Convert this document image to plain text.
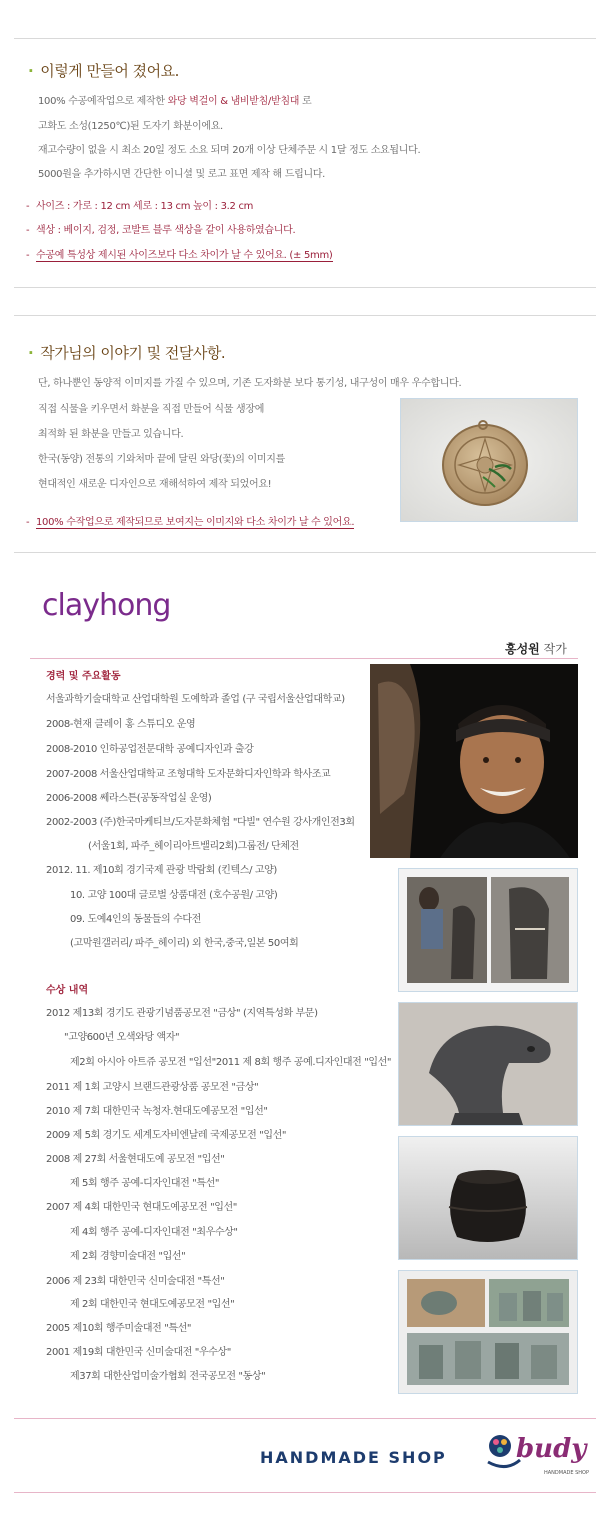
· 이렇게 만들어 졌어요.
100% 수공예작업으로 제작한 와당 벽걸이 & 냄비받침/받침대 로
고화도 소성(1250℃)된 도자기 화분이에요.
재고수량이 없을 시 최소 20일 정도 소요 되며 20개 이상 단체주문 시 1달 정도 소요됩니다.
5000원을 추가하시면 간단한 이니셜 및 로고 표면 제작 해 드립니다.
- 사이즈 : 가로 : 12 cm 세로 : 13 cm 높이 : 3.2 cm
- 색상 : 베이지, 검정, 코발트 블루 색상을 같이 사용하였습니다.
- 수공예 특성상 제시된 사이즈보다 다소 차이가 날 수 있어요. (± 5mm)
· 작가님의 이야기 및 전달사항.
단, 하나뿐인 동양적 이미지를 가질 수 있으며, 기존 도자화분 보다 통기성, 내구성이 매우 우수합니다.
직접 식물을 키우면서 화분을 직접 만들어 식물 생장에
최적화 된 화분을 만들고 있습니다.
한국(동양) 전통의 기와처마 끝에 달린 와당(꽃)의 이미지를
현대적인 새로운 디자인으로 재해석하여 제작 되었어요!
- 100% 수작업으로 제작되므로 보여지는 이미지와 다소 차이가 날 수 있어요.
clayhong
홍성원 작가
경력 및 주요활동
서울과학기술대학교 산업대학원 도예학과 졸업 (구 국립서울산업대학교)
2008-현재 클레이 홍 스튜디오 운영
2008-2010 인하공업전문대학 공예디자인과 출강
2007-2008 서울산업대학교 조형대학 도자문화디자인학과 학사조교
2006-2008 쎄라스튼(공동작업실 운영)
2002-2003 (주)한국마케티브/도자문화체험 "다빌" 연수원 강사개인전3회
(서울1회, 파주_헤이리아트밸리2회)그룹전/ 단체전
2012. 11. 제10회 경기국제 관광 박람회 (킨텍스/ 고양)
10. 고양 100대 글로벌 상품대전 (호수공원/ 고양)
09. 도예4인의 동물들의 수다전
(고막원갤러리/ 파주_헤이리) 외 한국,중국,일본 50여회
수상 내역
2012 제13회 경기도 관광기념품공모전 "금상" (지역특성화 부문)
"고양600년 오색와당 액자"
제2회 아시아 아트쥬 공모전 "입선"2011 제 8회 행주 공예.디자인대전 "입선"
2011 제 1회 고양시 브랜드관광상품 공모전 "금상"
2010 제 7회 대한민국 녹청자.현대도예공모전 "입선"
2009 제 5회 경기도 세계도자비엔날레 국제공모전 "입선"
2008 제 27회 서울현대도예 공모전 "입선"
제 5회 행주 공예-디자인대전 "특선"
2007 제 4회 대한민국 현대도예공모전 "입선"
제 4회 행주 공예-디자인대전 "최우수상"
제 2회 경향미술대전 "입선"
2006 제 23회 대한민국 신미술대전 "특선"
제 2회 대한민국 현대도예공모전 "입선"
2005 제10회 행주미술대전 "특선"
2001 제19회 대한민국 신미술대전 "우수상"
제37회 대한산업미술가협회 전국공모전 "동상"
HANDMADE SHOP	budy
HANDMADE SHOP
